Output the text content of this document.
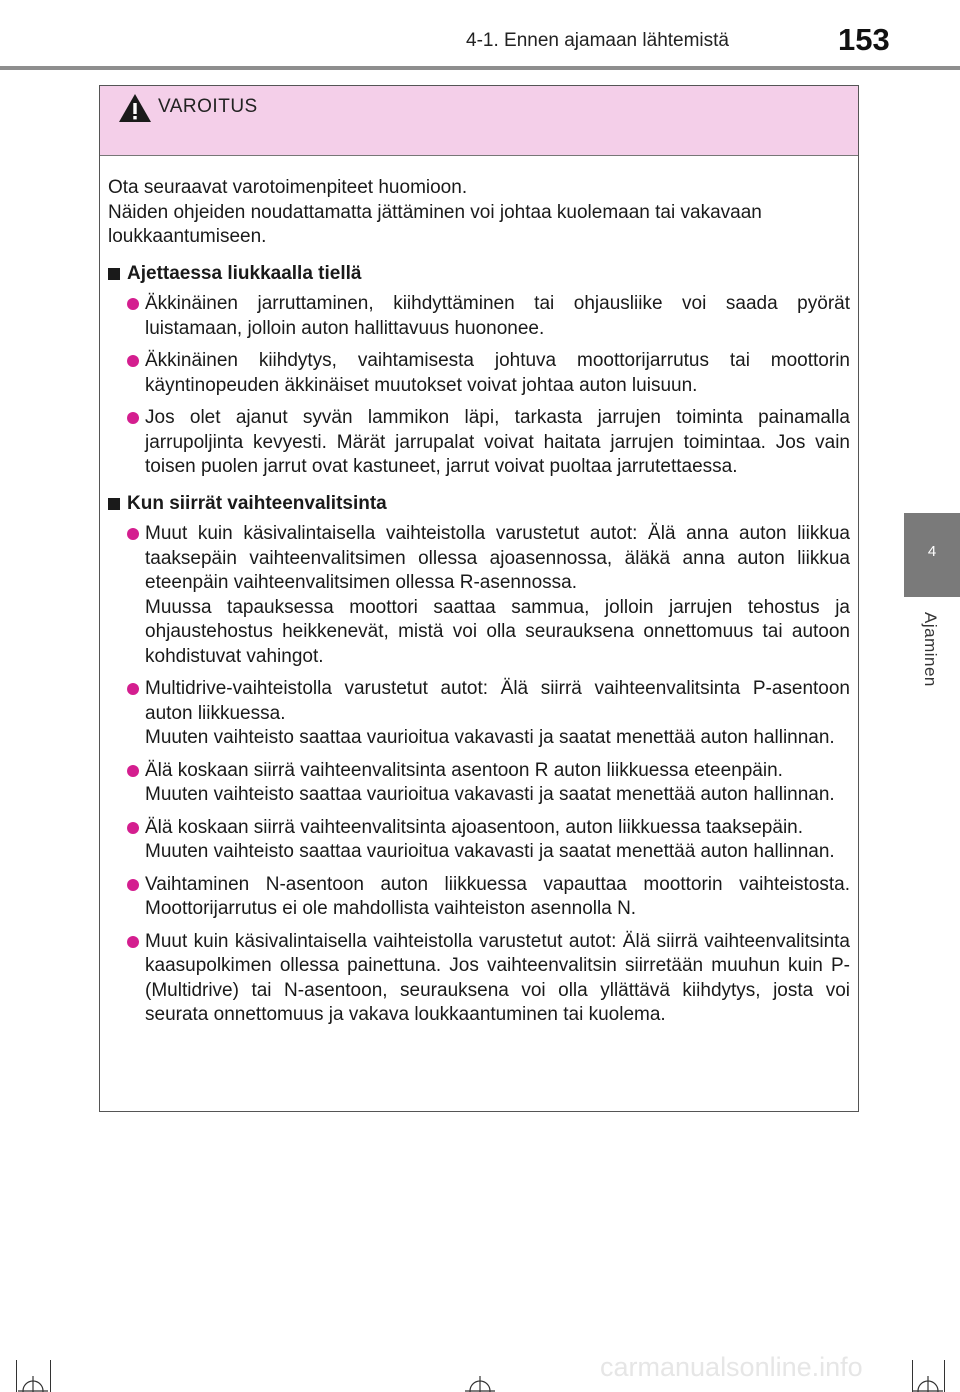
4-1. Ennen ajamaan lähtemistä	153
4
Ajaminen
VAROITUS

Ota seuraavat varotoimenpiteet huomioon.

Näiden ohjeiden noudattamatta jättäminen voi johtaa kuolemaan tai vakavaan loukkaantumiseen.

Ajettaessa liukkaalla tiellä

Äkkinäinen jarruttaminen, kiihdyttäminen tai ohjausliike voi saada pyörät luistamaan, jolloin auton hallittavuus huononee.

Äkkinäinen kiihdytys, vaihtamisesta johtuva moottorijarrutus tai moottorin käyntinopeuden äkkinäiset muutokset voivat johtaa auton luisuun.

Jos olet ajanut syvän lammikon läpi, tarkasta jarrujen toiminta painamalla jarrupoljinta kevyesti. Märät jarrupalat voivat haitata jarrujen toimintaa. Jos vain toisen puolen jarrut ovat kastuneet, jarrut voivat puoltaa jarrutettaessa.

Kun siirrät vaihteenvalitsinta

Muut kuin käsivalintaisella vaihteistolla varustetut autot: Älä anna auton liikkua taaksepäin vaihteenvalitsimen ollessa ajoasennossa, äläkä anna auton liikkua eteenpäin vaihteenvalitsimen ollessa R-asennossa.

Muussa tapauksessa moottori saattaa sammua, jolloin jarrujen tehostus ja ohjaustehostus heikkenevät, mistä voi olla seurauksena onnettomuus tai autoon kohdistuvat vahingot.

Multidrive-vaihteistolla varustetut autot: Älä siirrä vaihteenvalitsinta P-asentoon auton liikkuessa.

Muuten vaihteisto saattaa vaurioitua vakavasti ja saatat menettää auton hallinnan.

Älä koskaan siirrä vaihteenvalitsinta asentoon R auton liikkuessa eteenpäin.

Muuten vaihteisto saattaa vaurioitua vakavasti ja saatat menettää auton hallinnan.

Älä koskaan siirrä vaihteenvalitsinta ajoasentoon, auton liikkuessa taaksepäin.

Muuten vaihteisto saattaa vaurioitua vakavasti ja saatat menettää auton hallinnan.

Vaihtaminen N-asentoon auton liikkuessa vapauttaa moottorin vaihteistosta. Moottorijarrutus ei ole mahdollista vaihteiston asennolla N.

Muut kuin käsivalintaisella vaihteistolla varustetut autot: Älä siirrä vaihteenvalitsinta kaasupolkimen ollessa painettuna. Jos vaihteenvalitsin siirretään muuhun kuin P- (Multidrive) tai N-asentoon, seurauksena voi olla yllättävä kiihdytys, josta voi seurata onnettomuus ja vakava loukkaantuminen tai kuolema.

carmanualsonline.info
